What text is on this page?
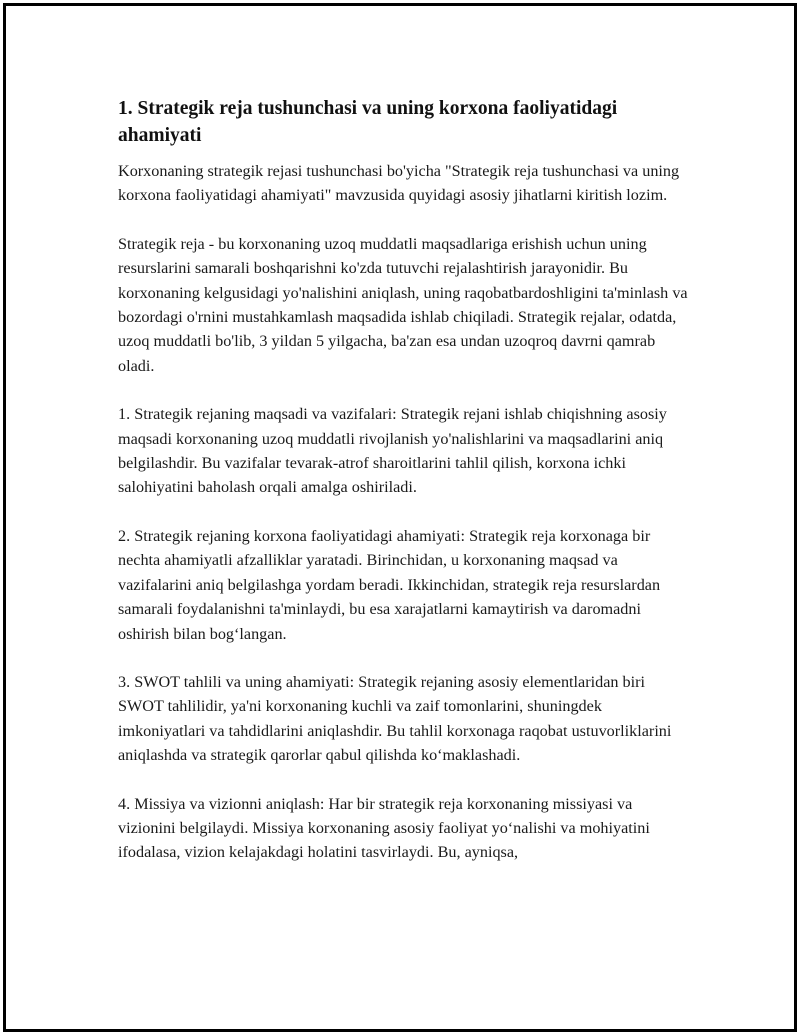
1. Strategik reja tushunchasi va uning korxona faoliyatidagi ahamiyati

Korxonaning strategik rejasi tushunchasi bo'yicha "Strategik reja tushunchasi va uning korxona faoliyatidagi ahamiyati" mavzusida quyidagi asosiy jihatlarni kiritish lozim.

Strategik reja - bu korxonaning uzoq muddatli maqsadlariga erishish uchun uning resurslarini samarali boshqarishni ko'zda tutuvchi rejalashtirish jarayonidir. Bu korxonaning kelgusidagi yo'nalishini aniqlash, uning raqobatbardoshligini ta'minlash va bozordagi o'rnini mustahkamlash maqsadida ishlab chiqiladi. Strategik rejalar, odatda, uzoq muddatli bo'lib, 3 yildan 5 yilgacha, ba'zan esa undan uzoqroq davrni qamrab oladi.

1. Strategik rejaning maqsadi va vazifalari: Strategik rejani ishlab chiqishning asosiy maqsadi korxonaning uzoq muddatli rivojlanish yo'nalishlarini va maqsadlarini aniq belgilashdir. Bu vazifalar tevarak-atrof sharoitlarini tahlil qilish, korxona ichki salohiyatini baholash orqali amalga oshiriladi.

2. Strategik rejaning korxona faoliyatidagi ahamiyati: Strategik reja korxonaga bir nechta ahamiyatli afzalliklar yaratadi. Birinchidan, u korxonaning maqsad va vazifalarini aniq belgilashga yordam beradi. Ikkinchidan, strategik reja resurslardan samarali foydalanishni ta'minlaydi, bu esa xarajatlarni kamaytirish va daromadni oshirish bilan bog‘langan.

3. SWOT tahlili va uning ahamiyati: Strategik rejaning asosiy elementlaridan biri SWOT tahlilidir, ya'ni korxonaning kuchli va zaif tomonlarini, shuningdek imkoniyatlari va tahdidlarini aniqlashdir. Bu tahlil korxonaga raqobat ustuvorliklarini aniqlashda va strategik qarorlar qabul qilishda ko‘maklashadi.

4. Missiya va vizionni aniqlash: Har bir strategik reja korxonaning missiyasi va vizionini belgilaydi. Missiya korxonaning asosiy faoliyat yo‘nalishi va mohiyatini ifodalasa, vizion kelajakdagi holatini tasvirlaydi. Bu, ayniqsa,
